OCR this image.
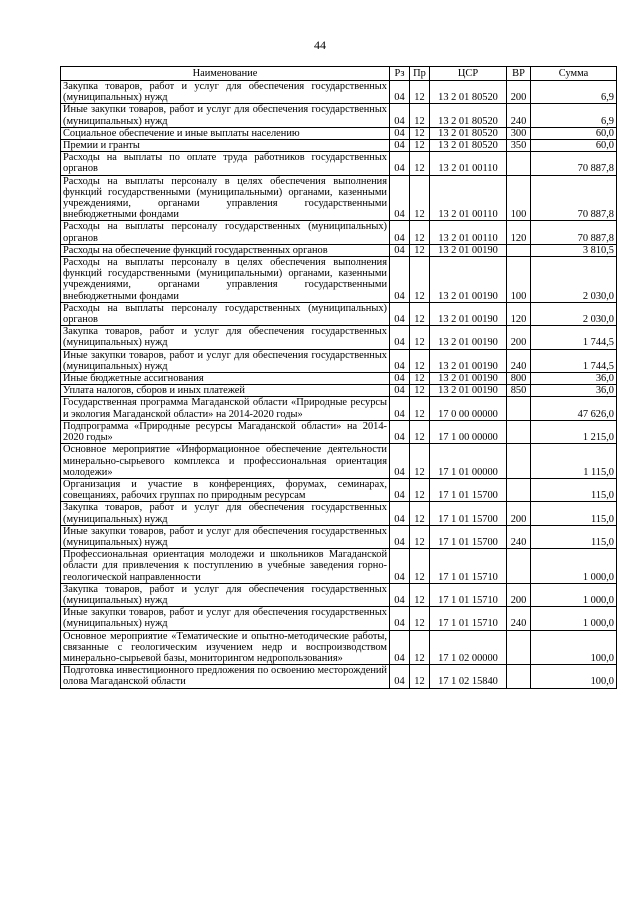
44
Наименование	Рз	Пр	ЦСР	ВР	Сумма
Закупка товаров, работ и услуг для обеспечения государственных (муниципальных) нужд	04	12	13 2 01 80520	200	6,9
Иные закупки товаров, работ и услуг для обеспечения государственных (муниципальных) нужд	04	12	13 2 01 80520	240	6,9
Социальное обеспечение и иные выплаты населению	04	12	13 2 01 80520	300	60,0
Премии и гранты	04	12	13 2 01 80520	350	60,0
Расходы на выплаты по оплате труда работников государственных органов	04	12	13 2 01 00110		70 887,8
Расходы на выплаты персоналу в целях обеспечения выполнения функций государственными (муниципальными) органами, казенными учреждениями, органами управления государственными внебюджетными фондами	04	12	13 2 01 00110	100	70 887,8
Расходы на выплаты персоналу государственных (муниципальных) органов	04	12	13 2 01 00110	120	70 887,8
Расходы на обеспечение функций государственных органов	04	12	13 2 01 00190		3 810,5
Расходы на выплаты персоналу в целях обеспечения выполнения функций государственными (муниципальными) органами, казенными учреждениями, органами управления государственными внебюджетными фондами	04	12	13 2 01 00190	100	2 030,0
Расходы на выплаты персоналу государственных (муниципальных) органов	04	12	13 2 01 00190	120	2 030,0
Закупка товаров, работ и услуг для обеспечения государственных (муниципальных) нужд	04	12	13 2 01 00190	200	1 744,5
Иные закупки товаров, работ и услуг для обеспечения государственных (муниципальных) нужд	04	12	13 2 01 00190	240	1 744,5
Иные бюджетные ассигнования	04	12	13 2 01 00190	800	36,0
Уплата налогов, сборов и иных платежей	04	12	13 2 01 00190	850	36,0
Государственная программа Магаданской области «Природные ресурсы и экология Магаданской области» на 2014-2020 годы»	04	12	17 0 00 00000		47 626,0
Подпрограмма «Природные ресурсы Магаданской области» на 2014-2020 годы»	04	12	17 1 00 00000		1 215,0
Основное мероприятие «Информационное обеспечение деятельности минерально-сырьевого комплекса и профессиональная ориентация молодежи»	04	12	17 1 01 00000		1 115,0
Организация и участие в конференциях, форумах, семинарах, совещаниях, рабочих группах по природным ресурсам	04	12	17 1 01 15700		115,0
Закупка товаров, работ и услуг для обеспечения государственных (муниципальных) нужд	04	12	17 1 01 15700	200	115,0
Иные закупки товаров, работ и услуг для обеспечения государственных (муниципальных) нужд	04	12	17 1 01 15700	240	115,0
Профессиональная ориентация молодежи и школьников Магаданской области для привлечения к поступлению в учебные заведения горно-геологической направленности	04	12	17 1 01 15710		1 000,0
Закупка товаров, работ и услуг для обеспечения государственных (муниципальных) нужд	04	12	17 1 01 15710	200	1 000,0
Иные закупки товаров, работ и услуг для обеспечения государственных (муниципальных) нужд	04	12	17 1 01 15710	240	1 000,0
Основное мероприятие «Тематические и опытно-методические работы, связанные с геологическим изучением недр и воспроизводством минерально-сырьевой базы, мониторингом недропользования»	04	12	17 1 02 00000		100,0
Подготовка инвестиционного предложения по освоению месторождений олова Магаданской области	04	12	17 1 02 15840		100,0
